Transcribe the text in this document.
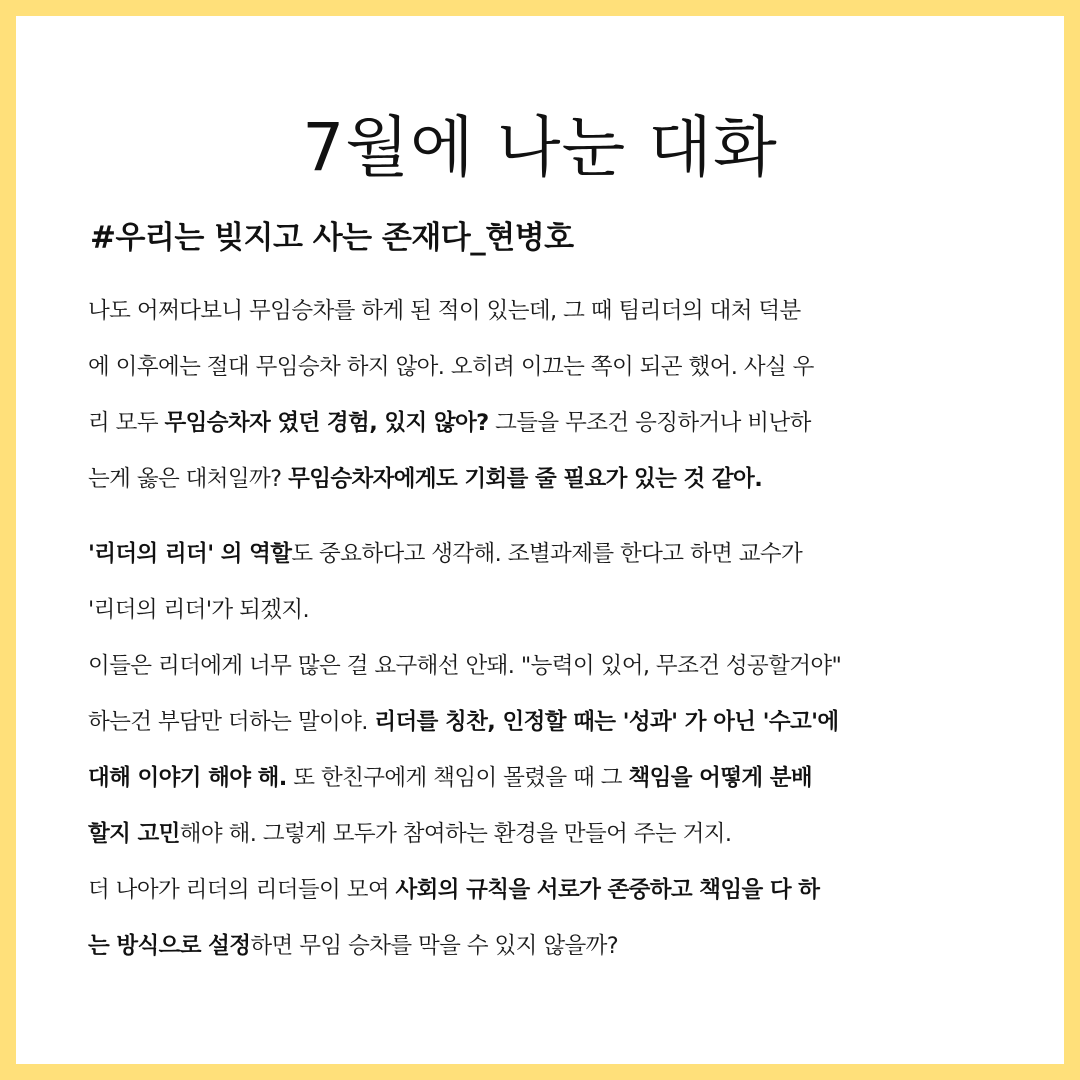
7월에 나눈 대화
#우리는 빚지고 사는 존재다_현병호
나도 어쩌다보니 무임승차를 하게 된 적이 있는데, 그 때 팀리더의 대처 덕분
에 이후에는 절대 무임승차 하지 않아. 오히려 이끄는 쪽이 되곤 했어. 사실 우
리 모두 무임승차자 였던 경험, 있지 않아? 그들을 무조건 응징하거나 비난하
는게 옳은 대처일까? 무임승차자에게도 기회를 줄 필요가 있는 것 같아.
'리더의 리더' 의 역할도 중요하다고 생각해. 조별과제를 한다고 하면 교수가
'리더의 리더'가 되겠지.
이들은 리더에게 너무 많은 걸 요구해선 안돼. "능력이 있어, 무조건 성공할거야"
하는건 부담만 더하는 말이야. 리더를 칭찬, 인정할 때는 '성과' 가 아닌 '수고'에
대해 이야기 해야 해. 또 한친구에게 책임이 몰렸을 때 그 책임을 어떻게 분배
할지 고민해야 해. 그렇게 모두가 참여하는 환경을 만들어 주는 거지.
더 나아가 리더의 리더들이 모여 사회의 규칙을 서로가 존중하고 책임을 다 하
는 방식으로 설정하면 무임 승차를 막을 수 있지 않을까?
